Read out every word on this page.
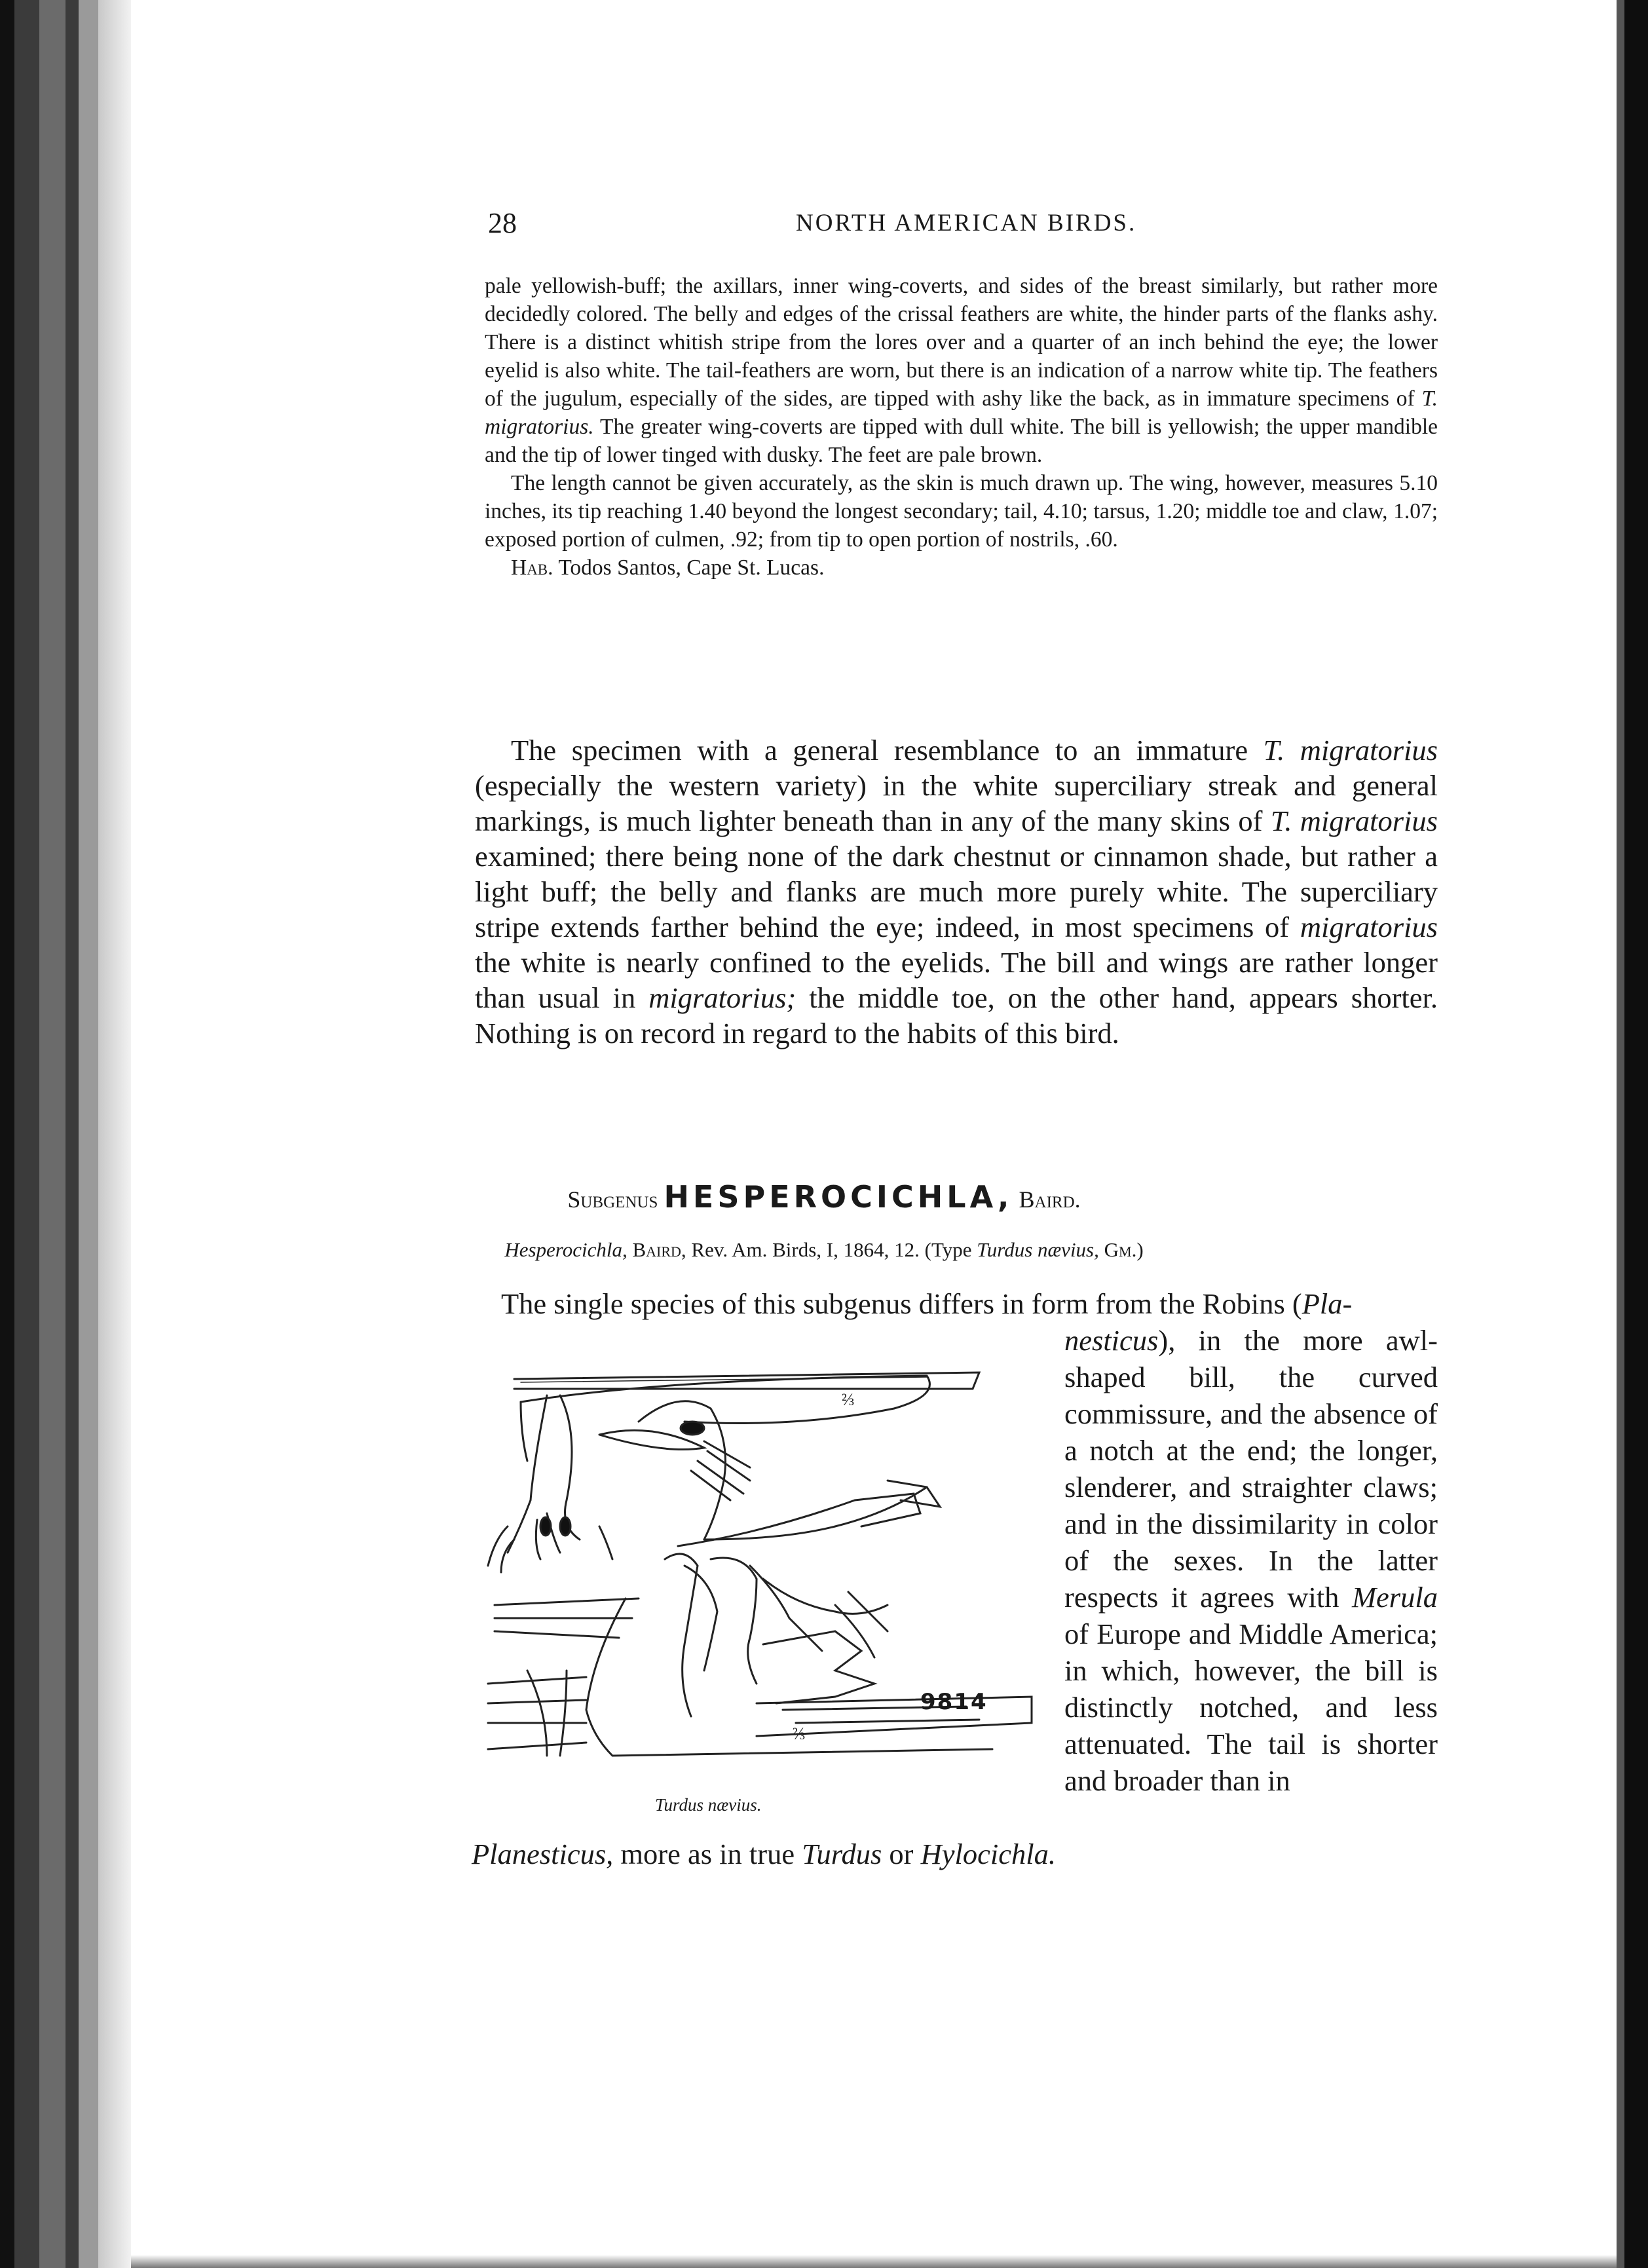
28	NORTH AMERICAN BIRDS.

pale yellowish-buff; the axillars, inner wing-coverts, and sides of the breast similarly, but rather more decidedly colored. The belly and edges of the crissal feathers are white, the hinder parts of the flanks ashy. There is a distinct whitish stripe from the lores over and a quarter of an inch behind the eye; the lower eyelid is also white. The tail-feathers are worn, but there is an indication of a narrow white tip. The feathers of the jugulum, especially of the sides, are tipped with ashy like the back, as in immature specimens of T. migratorius. The greater wing-coverts are tipped with dull white. The bill is yellowish; the upper mandible and the tip of lower tinged with dusky. The feet are pale brown.

The length cannot be given accurately, as the skin is much drawn up. The wing, however, measures 5.10 inches, its tip reaching 1.40 beyond the longest secondary; tail, 4.10; tarsus, 1.20; middle toe and claw, 1.07; exposed portion of culmen, .92; from tip to open portion of nostrils, .60.

Hab. Todos Santos, Cape St. Lucas.

The specimen with a general resemblance to an immature T. migratorius (especially the western variety) in the white superciliary streak and general markings, is much lighter beneath than in any of the many skins of T. migratorius examined; there being none of the dark chestnut or cinnamon shade, but rather a light buff; the belly and flanks are much more purely white. The superciliary stripe extends farther behind the eye; indeed, in most specimens of migratorius the white is nearly confined to the eyelids. The bill and wings are rather longer than usual in migratorius; the middle toe, on the other hand, appears shorter. Nothing is on record in regard to the habits of this bird.

Subgenus HESPEROCICHLA, Baird.
Hesperocichla, Baird, Rev. Am. Birds, I, 1864, 12. (Type Turdus nævius, Gm.)
The single species of this subgenus differs in form from the Robins (Pla-
nesticus), in the more awl-shaped bill, the curved commissure, and the absence of a notch at the end; the longer, slenderer, and straighter claws; and in the dissimilarity in color of the sexes. In the latter respects it agrees with Merula of Europe and Middle America; in which, however, the bill is distinctly notched, and less attenuated. The tail is shorter and broader than in
Planesticus, more as in true Turdus or Hylocichla.
⅔
⅔
9814
Turdus nævius.
